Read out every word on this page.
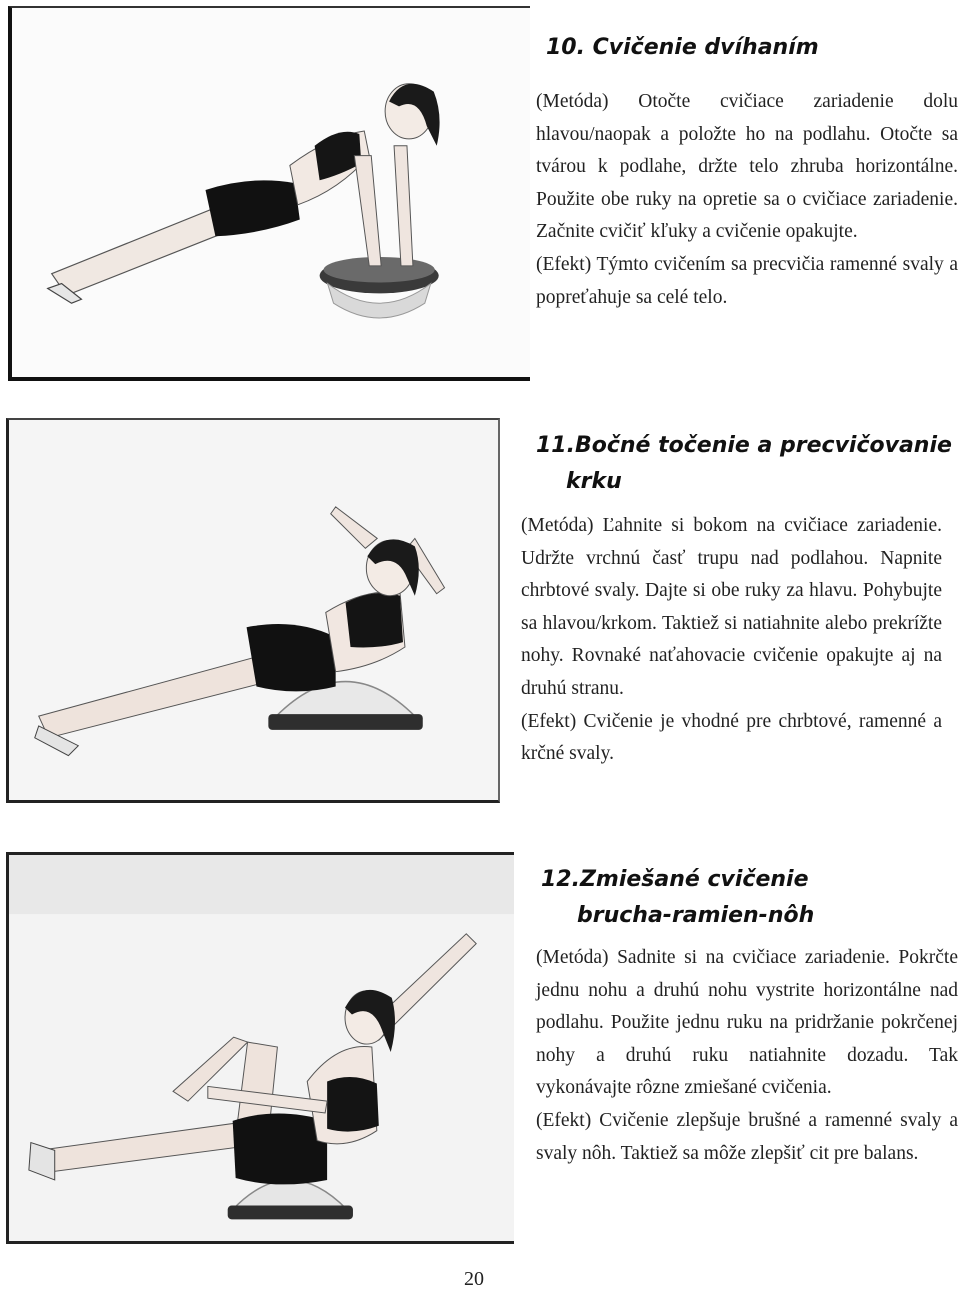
10. Cvičenie dvíhaním

(Metóda) Otočte cvičiace zariadenie dolu hlavou/naopak a položte ho na podlahu. Otočte sa tvárou k podlahe, držte telo zhruba horizontálne. Použite obe ruky na opretie sa o cvičiace zariadenie. Začnite cvičiť kľuky a cvičenie opakujte.

(Efekt) Týmto cvičením sa precvičia ramenné svaly a popreťahuje sa celé telo.

11.Bočné točenie a precvičovanie
krku

(Metóda) Ľahnite si bokom na cvičiace zariadenie. Udržte vrchnú časť trupu nad podlahou. Napnite chrbtové svaly. Dajte si obe ruky za hlavu. Pohybujte sa hlavou/krkom. Taktiež si natiahnite alebo prekrížte nohy. Rovnaké naťahovacie cvičenie opakujte aj na druhú stranu.

(Efekt) Cvičenie je vhodné pre chrbtové, ramenné a krčné svaly.

12.Zmiešané cvičenie
brucha-ramien-nôh

(Metóda) Sadnite si na cvičiace zariadenie. Pokrčte jednu nohu a druhú nohu vystrite horizontálne nad podlahu. Použite jednu ruku na pridržanie pokrčenej nohy a druhú ruku natiahnite dozadu. Tak vykonávajte rôzne zmiešané cvičenia.

(Efekt) Cvičenie zlepšuje brušné a ramenné svaly a svaly nôh. Taktiež sa môže zlepšiť cit pre balans.

20
